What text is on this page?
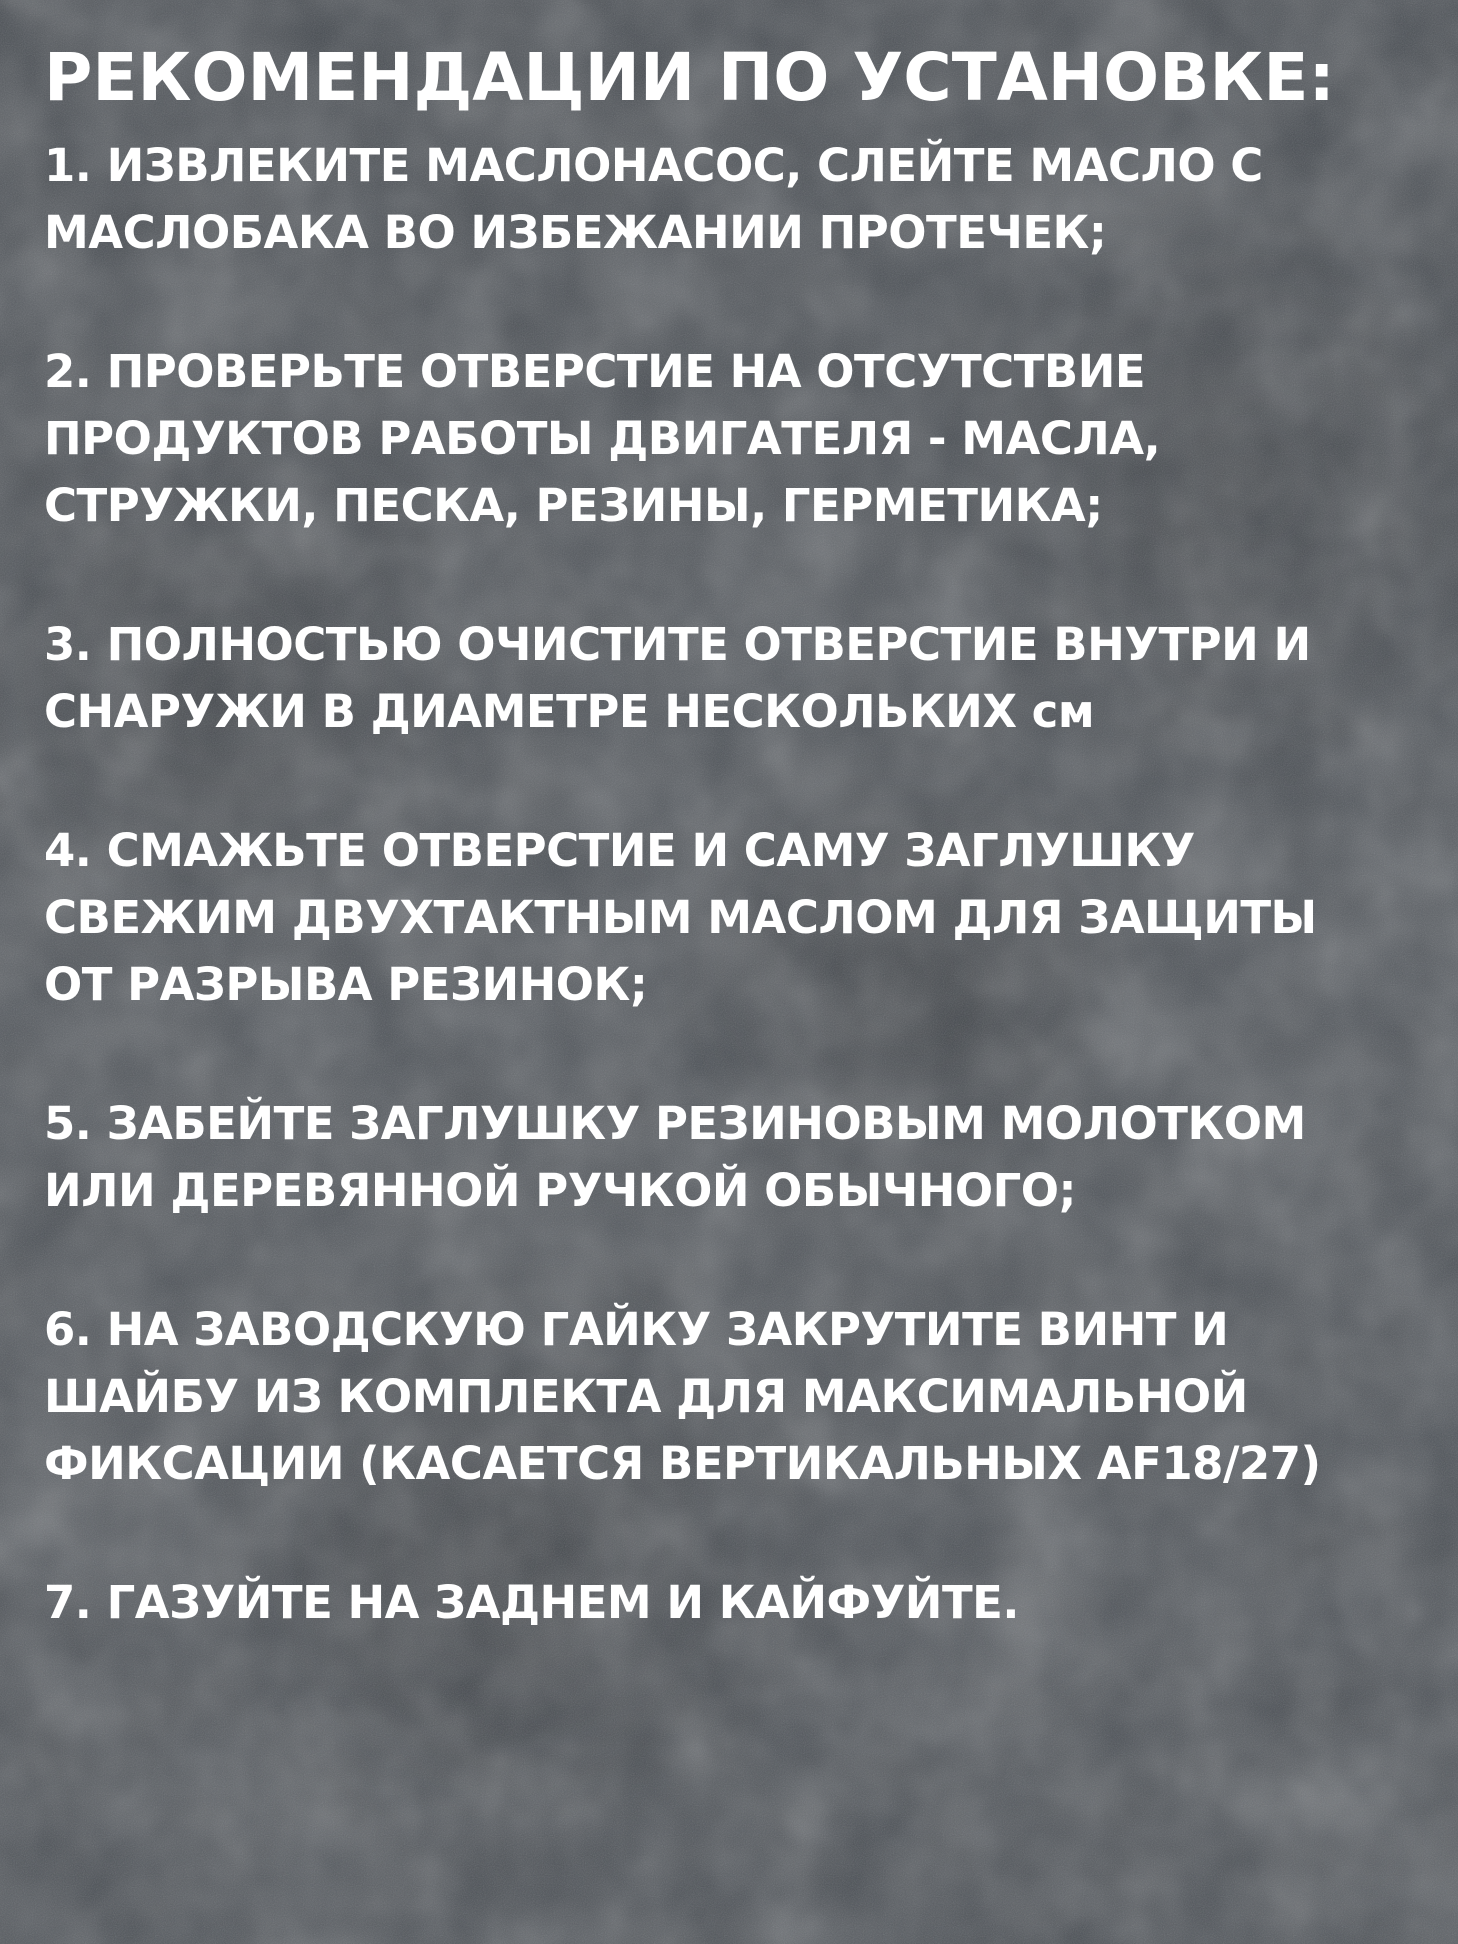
РЕКОМЕНДАЦИИ ПО УСТАНОВКЕ:
1. ИЗВЛЕКИТЕ МАСЛОНАСОС, СЛЕЙТЕ МАСЛО С
МАСЛОБАКА ВО ИЗБЕЖАНИИ ПРОТЕЧЕК;
2. ПРОВЕРЬТЕ ОТВЕРСТИЕ НА ОТСУТСТВИЕ
ПРОДУКТОВ РАБОТЫ ДВИГАТЕЛЯ - МАСЛА,
СТРУЖКИ, ПЕСКА, РЕЗИНЫ, ГЕРМЕТИКА;
3. ПОЛНОСТЬЮ ОЧИСТИТЕ ОТВЕРСТИЕ ВНУТРИ И
СНАРУЖИ В ДИАМЕТРЕ НЕСКОЛЬКИХ см
4. СМАЖЬТЕ ОТВЕРСТИЕ И САМУ ЗАГЛУШКУ
СВЕЖИМ ДВУХТАКТНЫМ МАСЛОМ ДЛЯ ЗАЩИТЫ
ОТ РАЗРЫВА РЕЗИНОК;
5. ЗАБЕЙТЕ ЗАГЛУШКУ РЕЗИНОВЫМ МОЛОТКОМ
ИЛИ ДЕРЕВЯННОЙ РУЧКОЙ ОБЫЧНОГО;
6. НА ЗАВОДСКУЮ ГАЙКУ ЗАКРУТИТЕ ВИНТ И
ШАЙБУ ИЗ КОМПЛЕКТА ДЛЯ МАКСИМАЛЬНОЙ
ФИКСАЦИИ (КАСАЕТСЯ ВЕРТИКАЛЬНЫХ AF18/27)
7. ГАЗУЙТЕ НА ЗАДНЕМ И КАЙФУЙТЕ.
